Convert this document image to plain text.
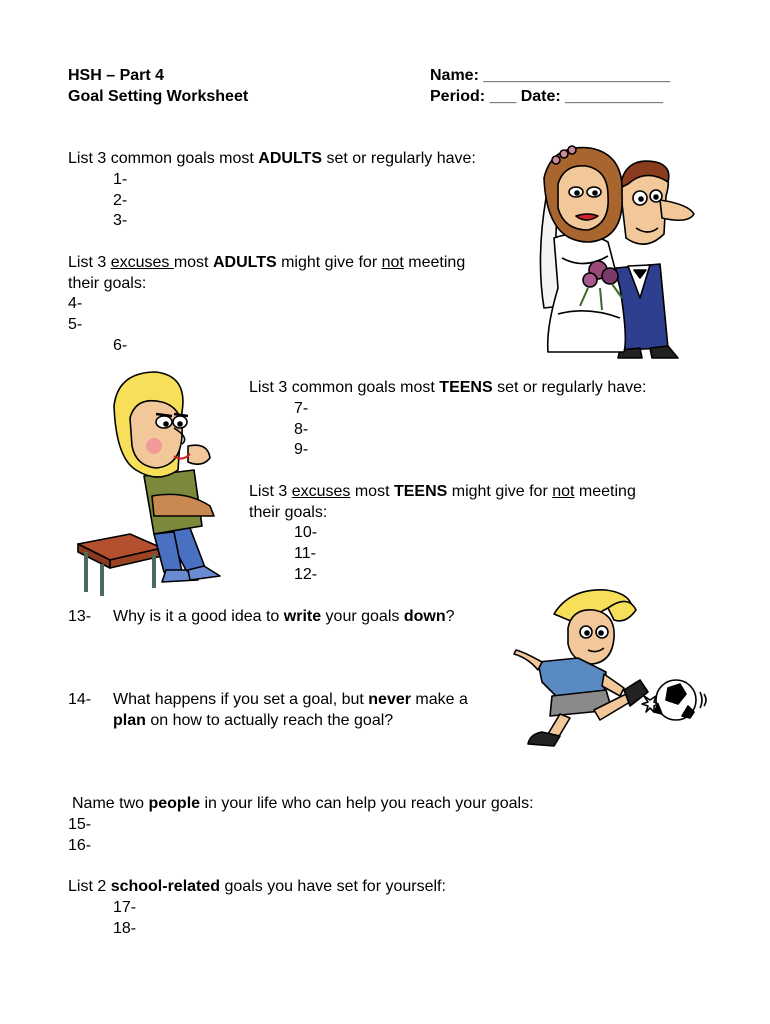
HSH – Part 4
Goal Setting Worksheet
Name: _____________________
Period: ___ Date: ___________
List 3 common goals most ADULTS set or regularly have:
1-
2-
3-
List 3 excuses most ADULTS might give for not meeting
their goals:
4-
5-
6-
List 3 common goals most TEENS set or regularly have:
7-
8-
9-
List 3 excuses most TEENS might give for not meeting
their goals:
10-
11-
12-
13- Why is it a good idea to write your goals down?
14- What happens if you set a goal, but never make a
plan on how to actually reach the goal?
Name two people in your life who can help you reach your goals:
15-
16-
List 2 school-related goals you have set for yourself:
17-
18-
